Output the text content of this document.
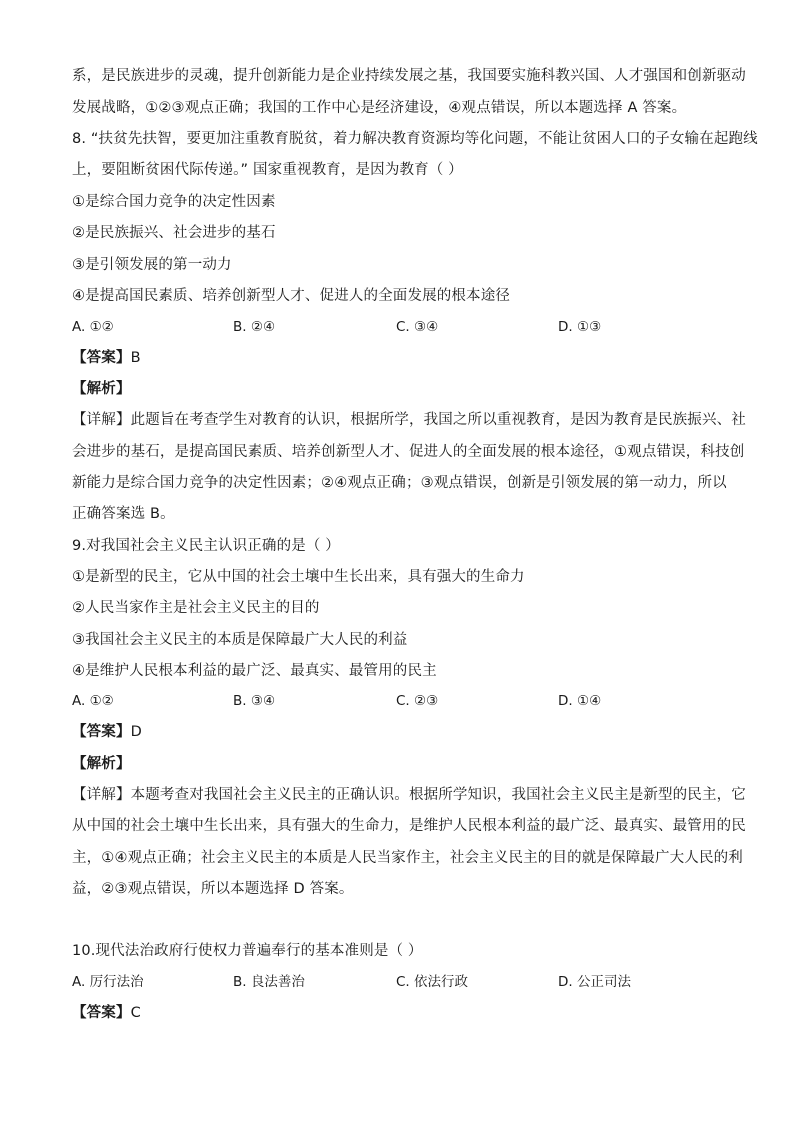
系，是民族进步的灵魂，提升创新能力是企业持续发展之基，我国要实施科教兴国、人才强国和创新驱动
发展战略，①②③观点正确；我国的工作中心是经济建设，④观点错误，所以本题选择 A 答案。
8. “扶贫先扶智，要更加注重教育脱贫，着力解决教育资源均等化问题，不能让贫困人口的子女输在起跑线
上，要阻断贫困代际传递。” 国家重视教育，是因为教育（ ）
①是综合国力竞争的决定性因素
②是民族振兴、社会进步的基石
③是引领发展的第一动力
④是提高国民素质、培养创新型人才、促进人的全面发展的根本途径
A. ①②	B. ②④	C. ③④	D. ①③
【答案】B
【解析】
【详解】此题旨在考查学生对教育的认识，根据所学，我国之所以重视教育，是因为教育是民族振兴、社
会进步的基石，是提高国民素质、培养创新型人才、促进人的全面发展的根本途径，①观点错误，科技创
新能力是综合国力竞争的决定性因素；②④观点正确；③观点错误，创新是引领发展的第一动力，所以
正确答案选 B。
9.对我国社会主义民主认识正确的是（ ）
①是新型的民主，它从中国的社会土壤中生长出来，具有强大的生命力
②人民当家作主是社会主义民主的目的
③我国社会主义民主的本质是保障最广大人民的利益
④是维护人民根本利益的最广泛、最真实、最管用的民主
A. ①②	B. ③④	C. ②③	D. ①④
【答案】D
【解析】
【详解】本题考查对我国社会主义民主的正确认识。根据所学知识，我国社会主义民主是新型的民主，它
从中国的社会土壤中生长出来，具有强大的生命力，是维护人民根本利益的最广泛、最真实、最管用的民
主，①④观点正确；社会主义民主的本质是人民当家作主，社会主义民主的目的就是保障最广大人民的利
益，②③观点错误，所以本题选择 D 答案。
10.现代法治政府行使权力普遍奉行的基本准则是（ ）
A. 厉行法治	B. 良法善治	C. 依法行政	D. 公正司法
【答案】C
